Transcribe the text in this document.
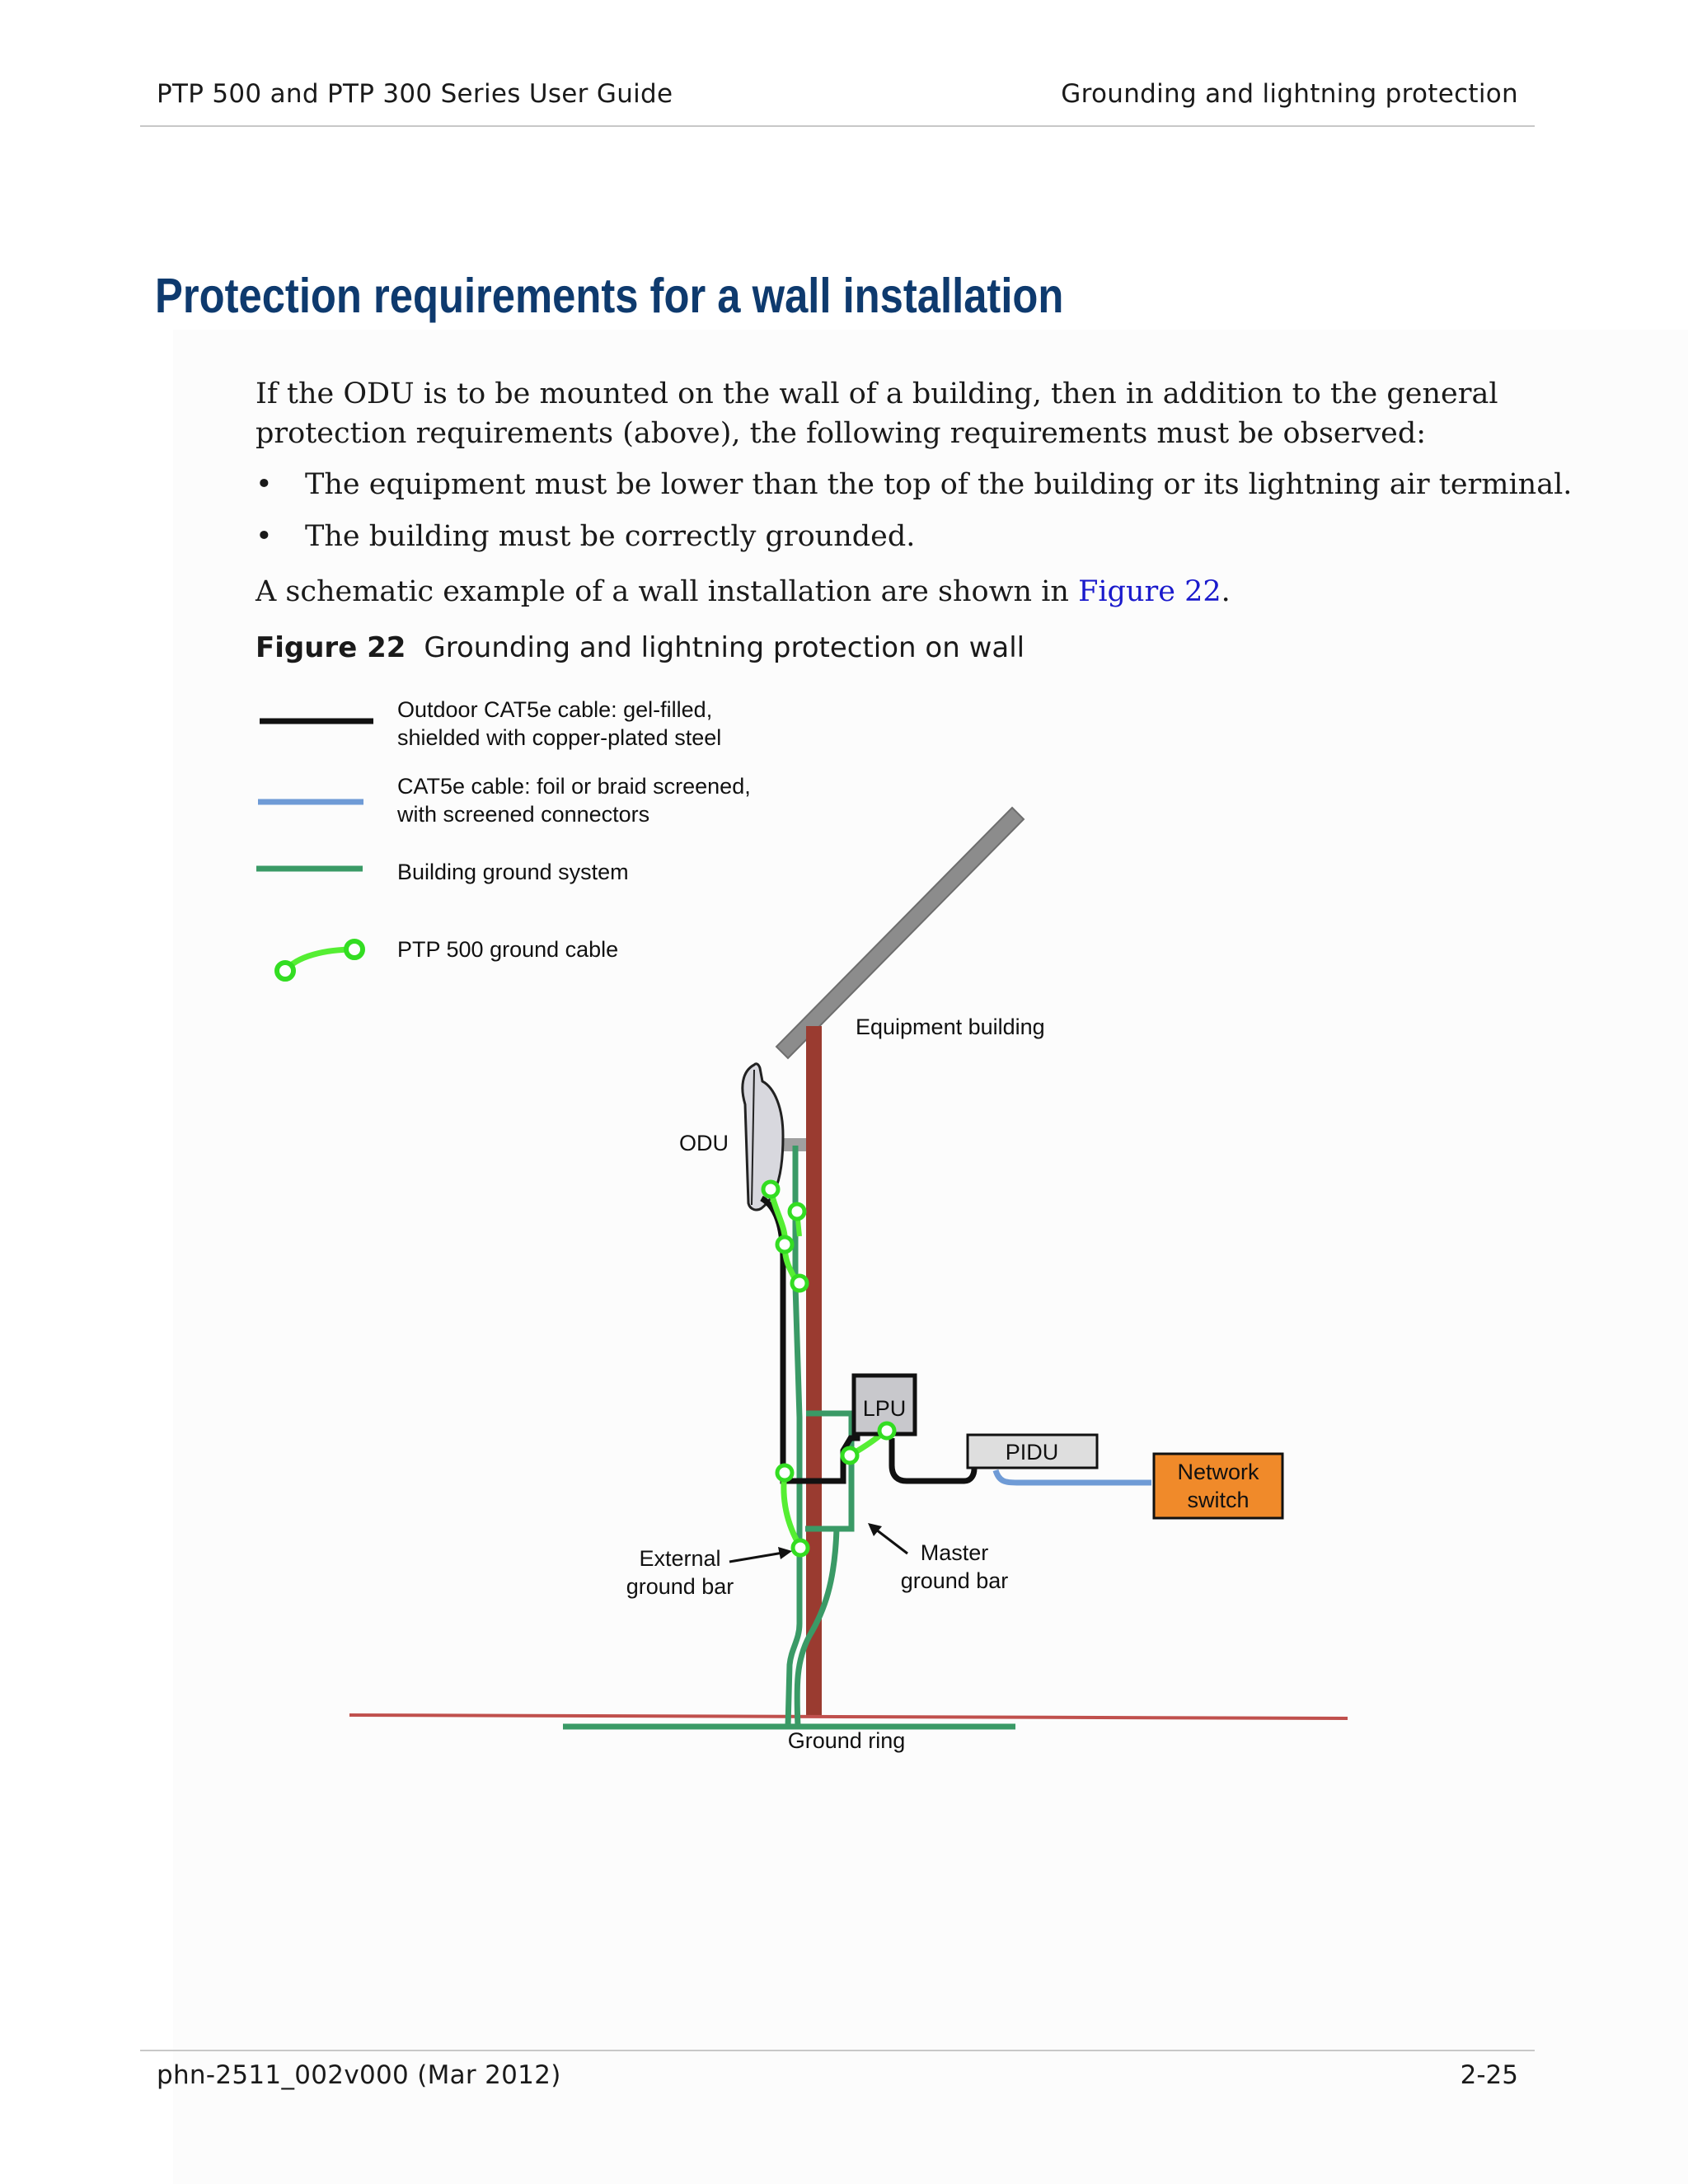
PTP 500 and PTP 300 Series User Guide	Grounding and lightning protection
Protection requirements for a wall installation
If the ODU is to be mounted on the wall of a building, then in addition to the general protection requirements (above), the following requirements must be observed:
• The equipment must be lower than the top of the building or its lightning air terminal.
• The building must be correctly grounded.
A schematic example of a wall installation are shown in Figure 22.
Figure 22 Grounding and lightning protection on wall
Outdoor CAT5e cable: gel-filled,
shielded with copper-plated steel
CAT5e cable: foil or braid screened,
with screened connectors
Building ground system
PTP 500 ground cable
LPU
PIDU
Network
switch
Equipment building
ODU
External
ground bar
Master
ground bar
Ground ring
phn-2511_002v000 (Mar 2012)	2-25
